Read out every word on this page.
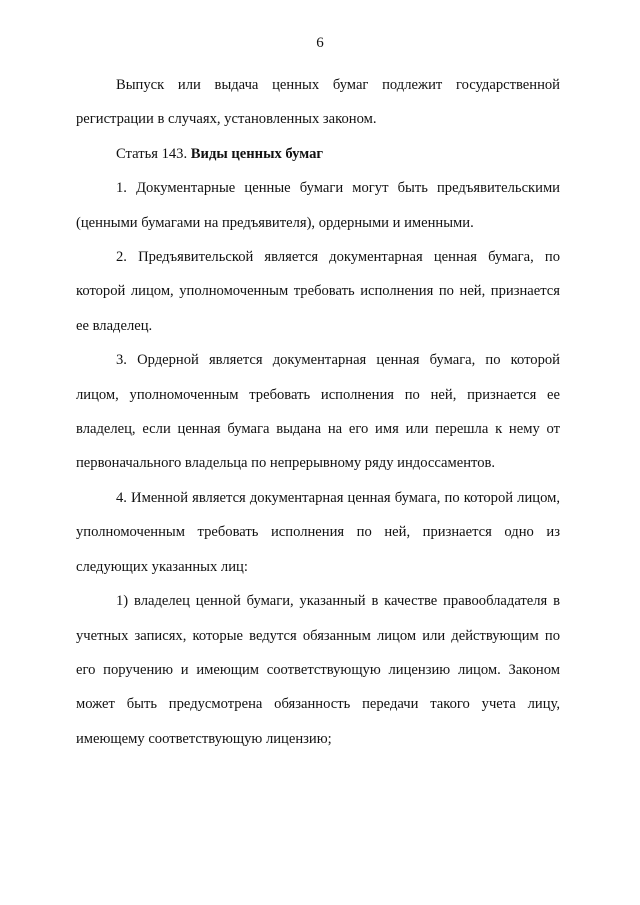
6

Выпуск или выдача ценных бумаг подлежит государственной регистрации в случаях, установленных законом.

Статья 143. Виды ценных бумаг

1. Документарные ценные бумаги могут быть предъявительскими (ценными бумагами на предъявителя), ордерными и именными.

2. Предъявительской является документарная ценная бумага, по которой лицом, уполномоченным требовать исполнения по ней, признается ее владелец.

3. Ордерной является документарная ценная бумага, по которой лицом, уполномоченным требовать исполнения по ней, признается ее владелец, если ценная бумага выдана на его имя или перешла к нему от первоначального владельца по непрерывному ряду индоссаментов.

4. Именной является документарная ценная бумага, по которой лицом, уполномоченным требовать исполнения по ней, признается одно из следующих указанных лиц:

1) владелец ценной бумаги, указанный в качестве правообладателя в учетных записях, которые ведутся обязанным лицом или действующим по его поручению и имеющим соответствующую лицензию лицом. Законом может быть предусмотрена обязанность передачи такого учета лицу, имеющему соответствующую лицензию;
